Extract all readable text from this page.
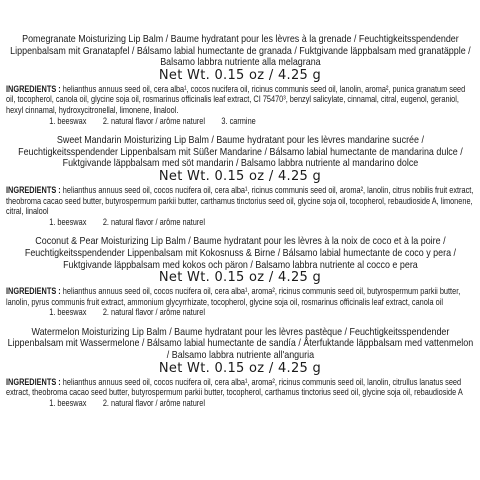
Pomegranate Moisturizing Lip Balm / Baume hydratant pour les lèvres à la grenade / Feuchtigkeitsspendender Lippenbalsam mit Granatapfel / Bálsamo labial humectante de granada / Fuktgivande läppbalsam med granatäpple / Balsamo labbra nutriente alla melagrana
Net Wt. 0.15 oz / 4.25 g
INGREDIENTS : helianthus annuus seed oil, cera alba¹, cocos nucifera oil, ricinus communis seed oil, lanolin, aroma², punica granatum seed oil, tocopherol, canola oil, glycine soja oil, rosmarinus officinalis leaf extract, CI 75470³, benzyl salicylate, cinnamal, citral, eugenol, geraniol, hexyl cinnamal, hydroxycitronellal, limonene, linalool.
1. beeswax 2. natural flavor / arôme naturel 3. carmine
Sweet Mandarin Moisturizing Lip Balm / Baume hydratant pour les lèvres mandarine sucrée / Feuchtigkeitsspendender Lippenbalsam mit Süßer Mandarine / Bálsamo labial humectante de mandarina dulce / Fuktgivande läppbalsam med söt mandarin / Balsamo labbra nutriente al mandarino dolce
Net Wt. 0.15 oz / 4.25 g
INGREDIENTS : helianthus annuus seed oil, cocos nucifera oil, cera alba¹, ricinus communis seed oil, aroma², lanolin, citrus nobilis fruit extract, theobroma cacao seed butter, butyrospermum parkii butter, carthamus tinctorius seed oil, glycine soja oil, tocopherol, rebaudioside A, limonene, citral, linalool
1. beeswax 2. natural flavor / arôme naturel
Coconut & Pear Moisturizing Lip Balm / Baume hydratant pour les lèvres à la noix de coco et à la poire / Feuchtigkeitsspendender Lippenbalsam mit Kokosnuss & Birne / Bálsamo labial humectante de coco y pera / Fuktgivande läppbalsam med kokos och päron / Balsamo labbra nutriente al cocco e pera
Net Wt. 0.15 oz / 4.25 g
INGREDIENTS : helianthus annuus seed oil, cocos nucifera oil, cera alba¹, aroma², ricinus communis seed oil, butyrospermum parkii butter, lanolin, pyrus communis fruit extract, ammonium glycyrrhizate, tocopherol, glycine soja oil, rosmarinus officinalis leaf extract, canola oil
1. beeswax 2. natural flavor / arôme naturel
Watermelon Moisturizing Lip Balm / Baume hydratant pour les lèvres pastèque / Feuchtigkeitsspendender Lippenbalsam mit Wassermelone / Bálsamo labial humectante de sandía / Återfuktande läppbalsam med vattenmelon / Balsamo labbra nutriente all'anguria
Net Wt. 0.15 oz / 4.25 g
INGREDIENTS : helianthus annuus seed oil, cocos nucifera oil, cera alba¹, aroma², ricinus communis seed oil, lanolin, citrullus lanatus seed extract, theobroma cacao seed butter, butyrospermum parkii butter, tocopherol, carthamus tinctorius seed oil, glycine soja oil, rebaudioside A
1. beeswax 2. natural flavor / arôme naturel
